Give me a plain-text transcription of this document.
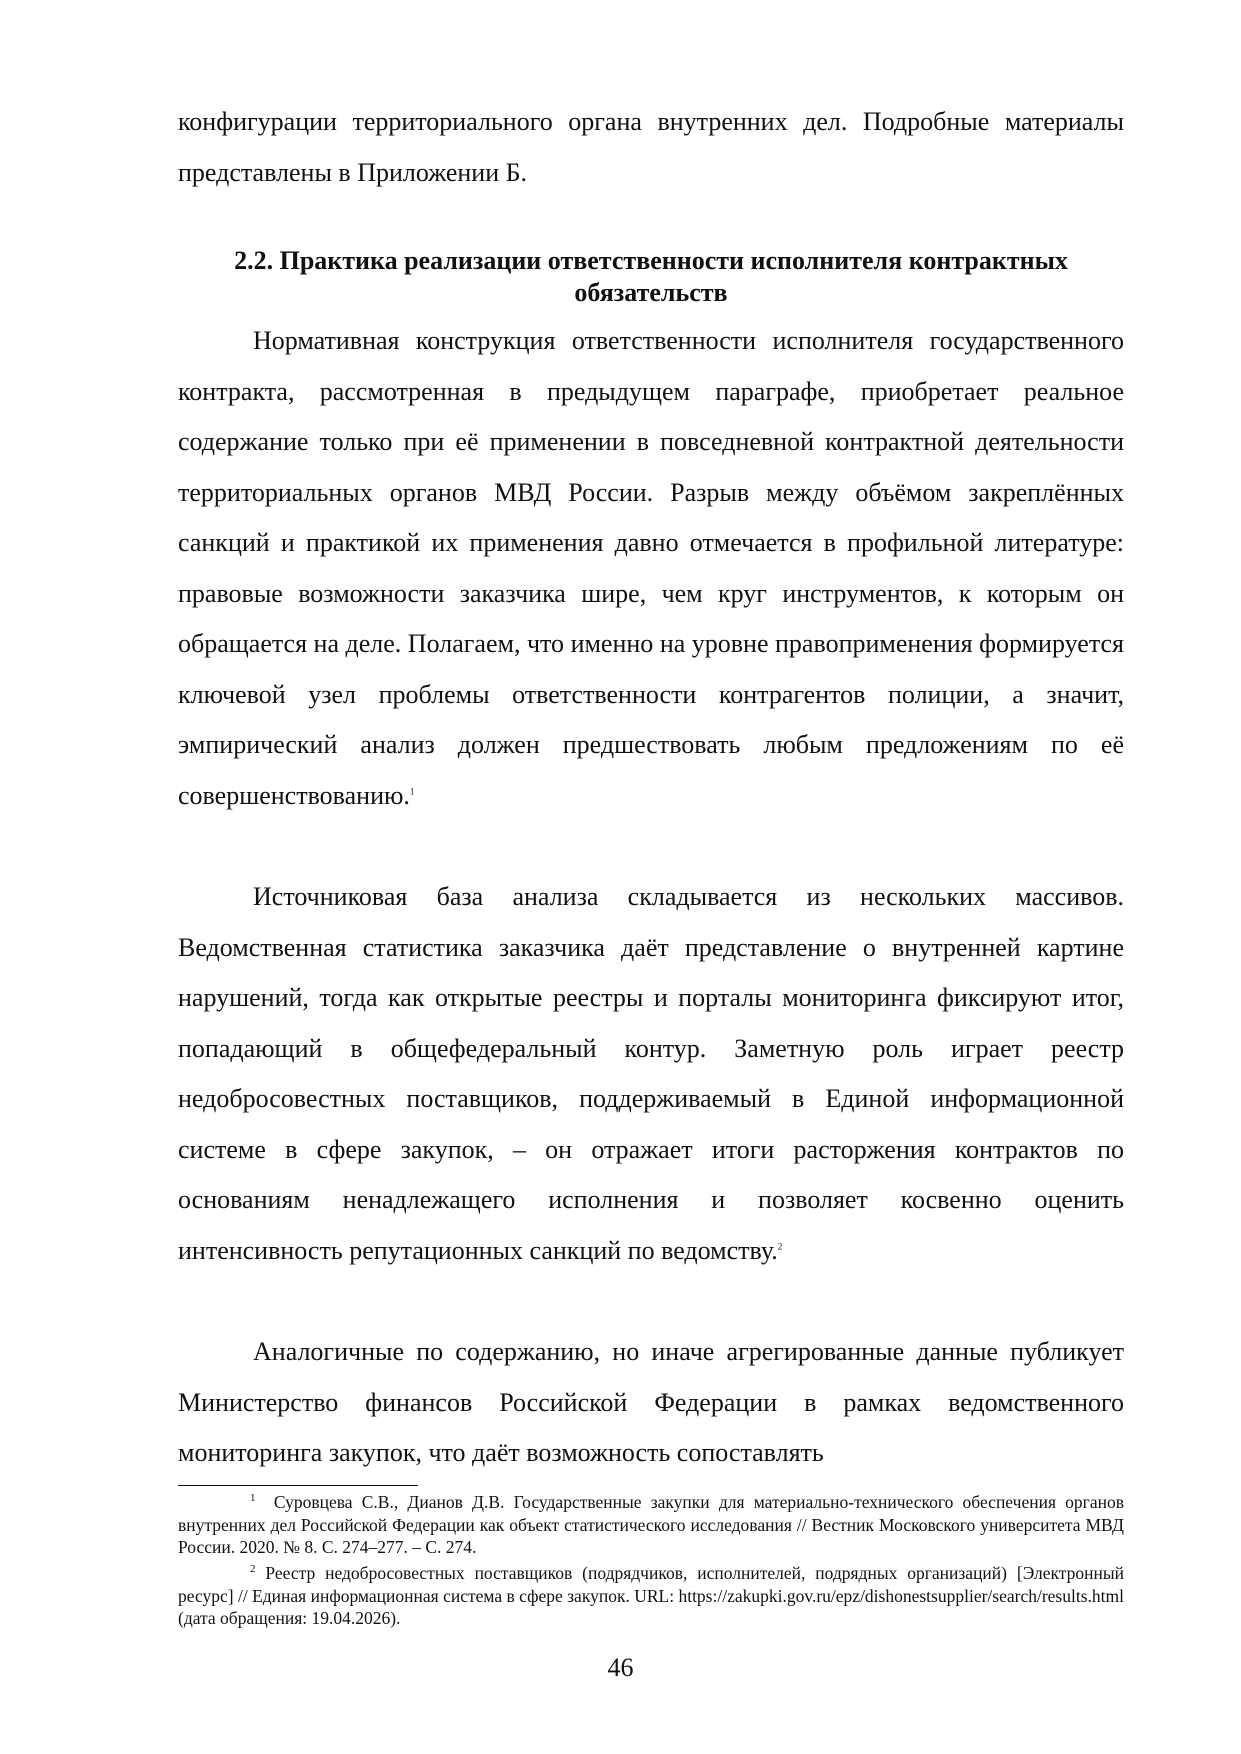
конфигурации территориального органа внутренних дел. Подробные материалы представлены в Приложении Б.

2.2. Практика реализации ответственности исполнителя контрактных обязательств

Нормативная конструкция ответственности исполнителя государственного контракта, рассмотренная в предыдущем параграфе, приобретает реальное содержание только при её применении в повседневной контрактной деятельности территориальных органов МВД России. Разрыв между объёмом закреплённых санкций и практикой их применения давно отмечается в профильной литературе: правовые возможности заказчика шире, чем круг инструментов, к которым он обращается на деле. Полагаем, что именно на уровне правоприменения формируется ключевой узел проблемы ответственности контрагентов полиции, а значит, эмпирический анализ должен предшествовать любым предложениям по её совершенствованию.$^1$

Источниковая база анализа складывается из нескольких массивов. Ведомственная статистика заказчика даёт представление о внутренней картине нарушений, тогда как открытые реестры и порталы мониторинга фиксируют итог, попадающий в общефедеральный контур. Заметную роль играет реестр недобросовестных поставщиков, поддерживаемый в Единой информационной системе в сфере закупок, – он отражает итоги расторжения контрактов по основаниям ненадлежащего исполнения и позволяет косвенно оценить интенсивность репутационных санкций по ведомству.$^2$

Аналогичные по содержанию, но иначе агрегированные данные публикует Министерство финансов Российской Федерации в рамках ведомственного мониторинга закупок, что даёт возможность сопоставлять

$^1$ Суровцева С.В., Дианов Д.В. Государственные закупки для материально-технического обеспечения органов внутренних дел Российской Федерации как объект статистического исследования // Вестник Московского университета МВД России. 2020. № 8. С. 274–277. – С. 274.

$^2$ Реестр недобросовестных поставщиков (подрядчиков, исполнителей, подрядных организаций) [Электронный ресурс] // Единая информационная система в сфере закупок. URL: https://zakupki.gov.ru/epz/dishonestsupplier/search/results.html (дата обращения: 19.04.2026).

46
